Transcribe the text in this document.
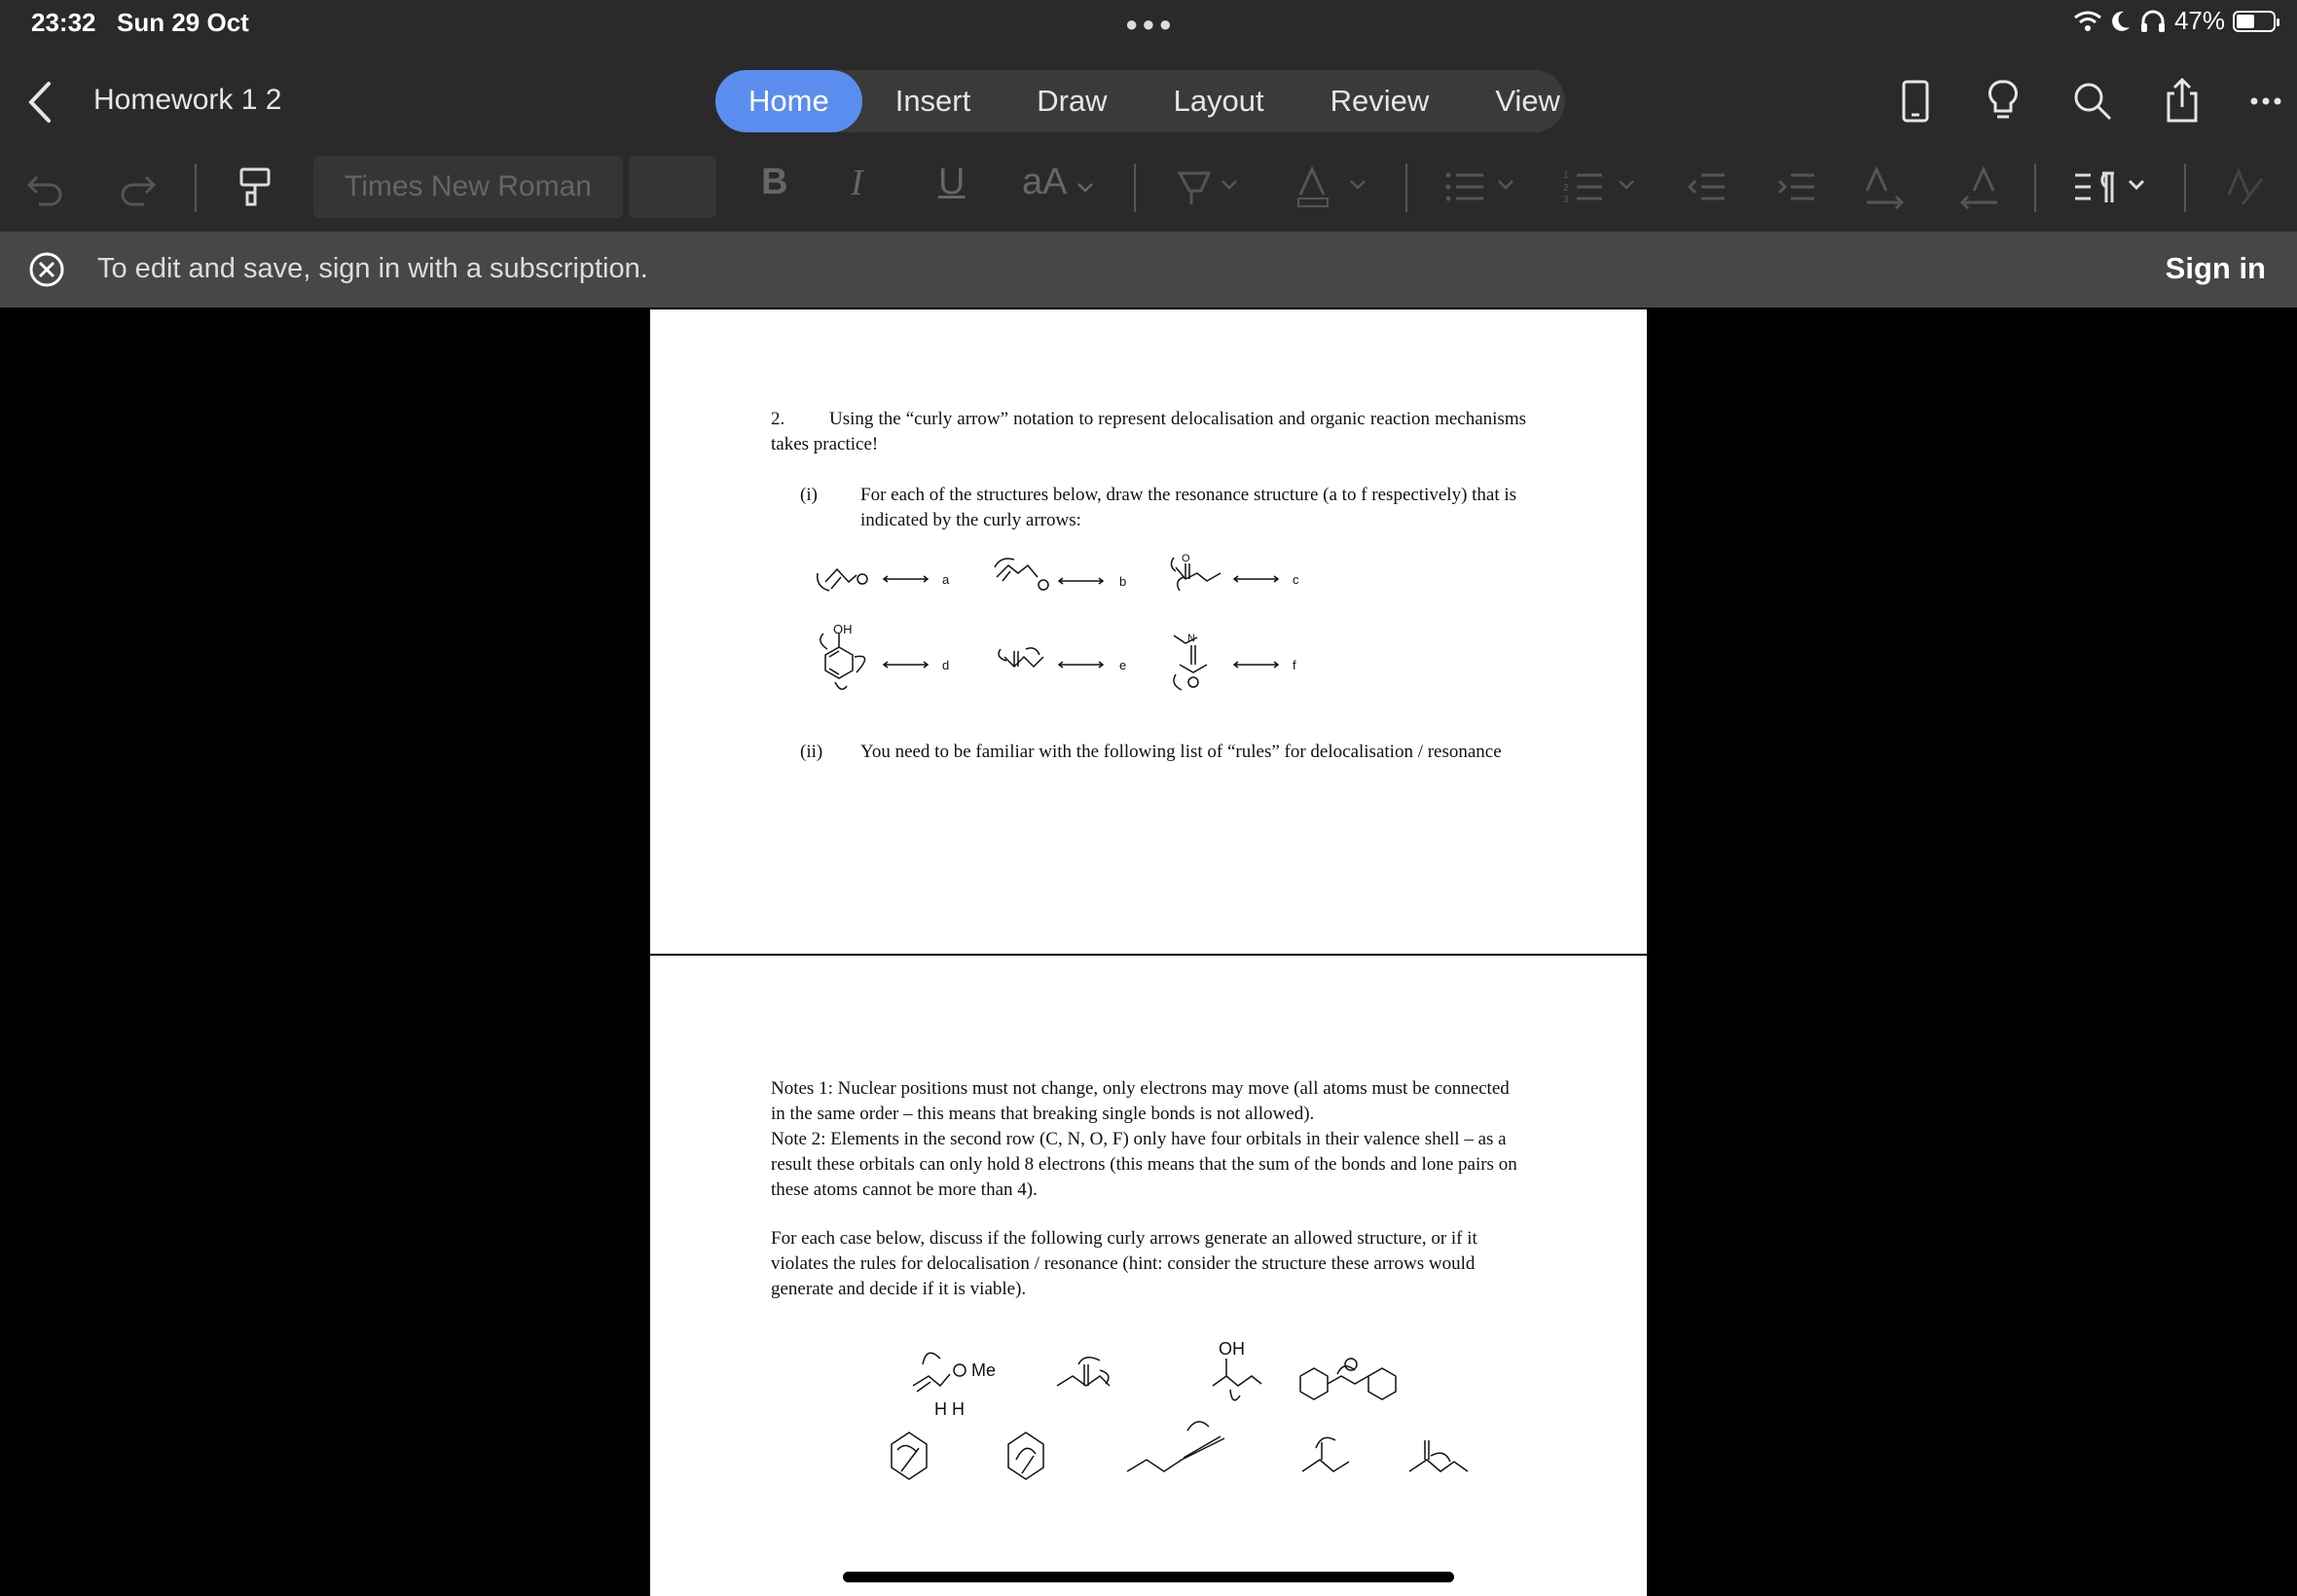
23:32 Sun 29 Oct	●●●	47%
Homework 1 2	Home	Insert	Draw	Layout	Review	View
Times New Roman	B I U aA	1
2
3
To edit and save, sign in with a subscription.	Sign in
2.	Using the “curly arrow” notation to represent delocalisation and organic reaction mechanisms takes practice!
(i) For each of the structures below, draw the resonance structure (a to f respectively) that is indicated by the curly arrows:
a	b	c
d	e	f
OH
O
N
(ii) You need to be familiar with the following list of “rules” for delocalisation / resonance
Notes 1: Nuclear positions must not change, only electrons may move (all atoms must be connected in the same order – this means that breaking single bonds is not allowed).
Note 2: Elements in the second row (C, N, O, F) only have four orbitals in their valence shell – as a result these orbitals can only hold 8 electrons (this means that the sum of the bonds and lone pairs on these atoms cannot be more than 4).
For each case below, discuss if the following curly arrows generate an allowed structure, or if it violates the rules for delocalisation / resonance (hint: consider the structure these arrows would generate and decide if it is viable).
Me
H H
OH
